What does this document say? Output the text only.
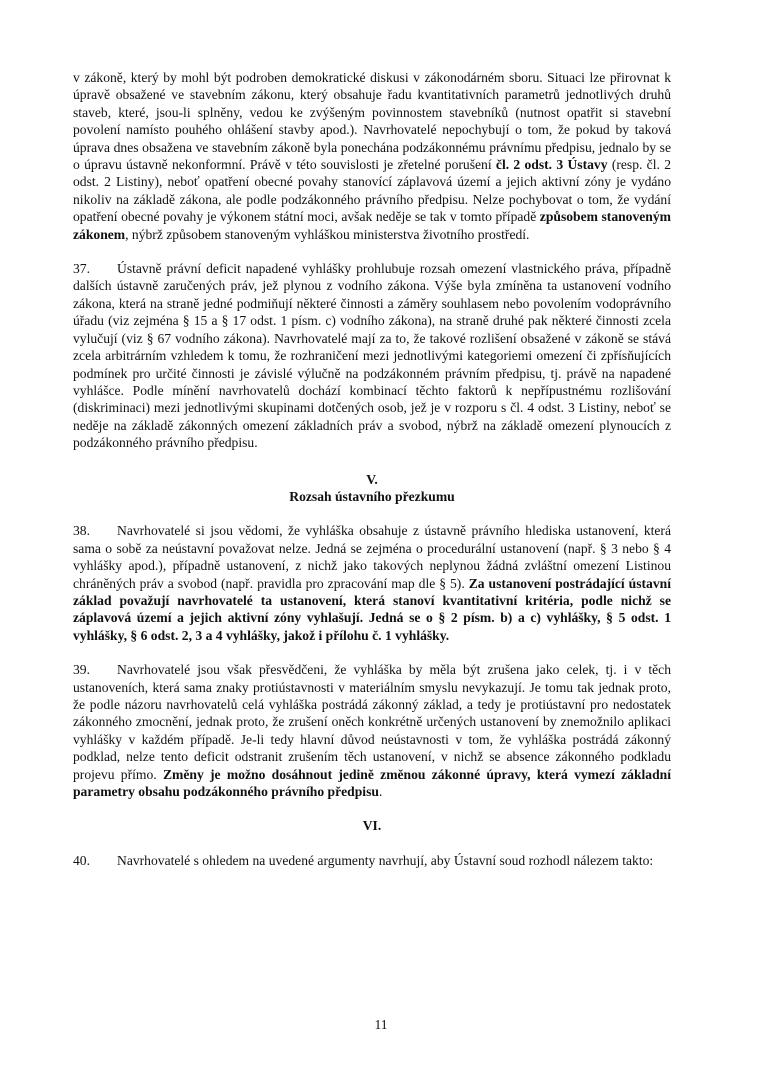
v zákoně, který by mohl být podroben demokratické diskusi v zákonodárném sboru. Situaci lze přirovnat k úpravě obsažené ve stavebním zákonu, který obsahuje řadu kvantitativních parametrů jednotlivých druhů staveb, které, jsou-li splněny, vedou ke zvýšeným povinnostem stavebníků (nutnost opatřit si stavební povolení namísto pouhého ohlášení stavby apod.). Navrhovatelé nepochybují o tom, že pokud by taková úprava dnes obsažena ve stavebním zákoně byla ponechána podzákonnému právnímu předpisu, jednalo by se o úpravu ústavně nekonformní. Právě v této souvislosti je zřetelné porušení čl. 2 odst. 3 Ústavy (resp. čl. 2 odst. 2 Listiny), neboť opatření obecné povahy stanovící záplavová území a jejich aktivní zóny je vydáno nikoliv na základě zákona, ale podle podzákonného právního předpisu. Nelze pochybovat o tom, že vydání opatření obecné povahy je výkonem státní moci, avšak neděje se tak v tomto případě způsobem stanoveným zákonem, nýbrž způsobem stanoveným vyhláškou ministerstva životního prostředí.

37. Ústavně právní deficit napadené vyhlášky prohlubuje rozsah omezení vlastnického práva, případně dalších ústavně zaručených práv, jež plynou z vodního zákona. Výše byla zmíněna ta ustanovení vodního zákona, která na straně jedné podmiňují některé činnosti a záměry souhlasem nebo povolením vodoprávního úřadu (viz zejména § 15 a § 17 odst. 1 písm. c) vodního zákona), na straně druhé pak některé činnosti zcela vylučují (viz § 67 vodního zákona). Navrhovatelé mají za to, že takové rozlišení obsažené v zákoně se stává zcela arbitrárním vzhledem k tomu, že rozhraničení mezi jednotlivými kategoriemi omezení či zpřísňujících podmínek pro určité činnosti je závislé výlučně na podzákonném právním předpisu, tj. právě na napadené vyhlášce. Podle mínění navrhovatelů dochází kombinací těchto faktorů k nepřípustnému rozlišování (diskriminaci) mezi jednotlivými skupinami dotčených osob, jež je v rozporu s čl. 4 odst. 3 Listiny, neboť se neděje na základě zákonných omezení základních práv a svobod, nýbrž na základě omezení plynoucích z podzákonného právního předpisu.

V.
Rozsah ústavního přezkumu

38. Navrhovatelé si jsou vědomi, že vyhláška obsahuje z ústavně právního hlediska ustanovení, která sama o sobě za neústavní považovat nelze. Jedná se zejména o procedurální ustanovení (např. § 3 nebo § 4 vyhlášky apod.), případně ustanovení, z nichž jako takových neplynou žádná zvláštní omezení Listinou chráněných práv a svobod (např. pravidla pro zpracování map dle § 5). Za ustanovení postrádající ústavní základ považují navrhovatelé ta ustanovení, která stanoví kvantitativní kritéria, podle nichž se záplavová území a jejich aktivní zóny vyhlašují. Jedná se o § 2 písm. b) a c) vyhlášky, § 5 odst. 1 vyhlášky, § 6 odst. 2, 3 a 4 vyhlášky, jakož i přílohu č. 1 vyhlášky.

39. Navrhovatelé jsou však přesvědčeni, že vyhláška by měla být zrušena jako celek, tj. i v těch ustanoveních, která sama znaky protiústavnosti v materiálním smyslu nevykazují. Je tomu tak jednak proto, že podle názoru navrhovatelů celá vyhláška postrádá zákonný základ, a tedy je protiústavní pro nedostatek zákonného zmocnění, jednak proto, že zrušení oněch konkrétně určených ustanovení by znemožnilo aplikaci vyhlášky v každém případě. Je-li tedy hlavní důvod neústavnosti v tom, že vyhláška postrádá zákonný podklad, nelze tento deficit odstranit zrušením těch ustanovení, v nichž se absence zákonného podkladu projevu přímo. Změny je možno dosáhnout jedině změnou zákonné úpravy, která vymezí základní parametry obsahu podzákonného právního předpisu.

VI.

40. Navrhovatelé s ohledem na uvedené argumenty navrhují, aby Ústavní soud rozhodl nálezem takto:

11
